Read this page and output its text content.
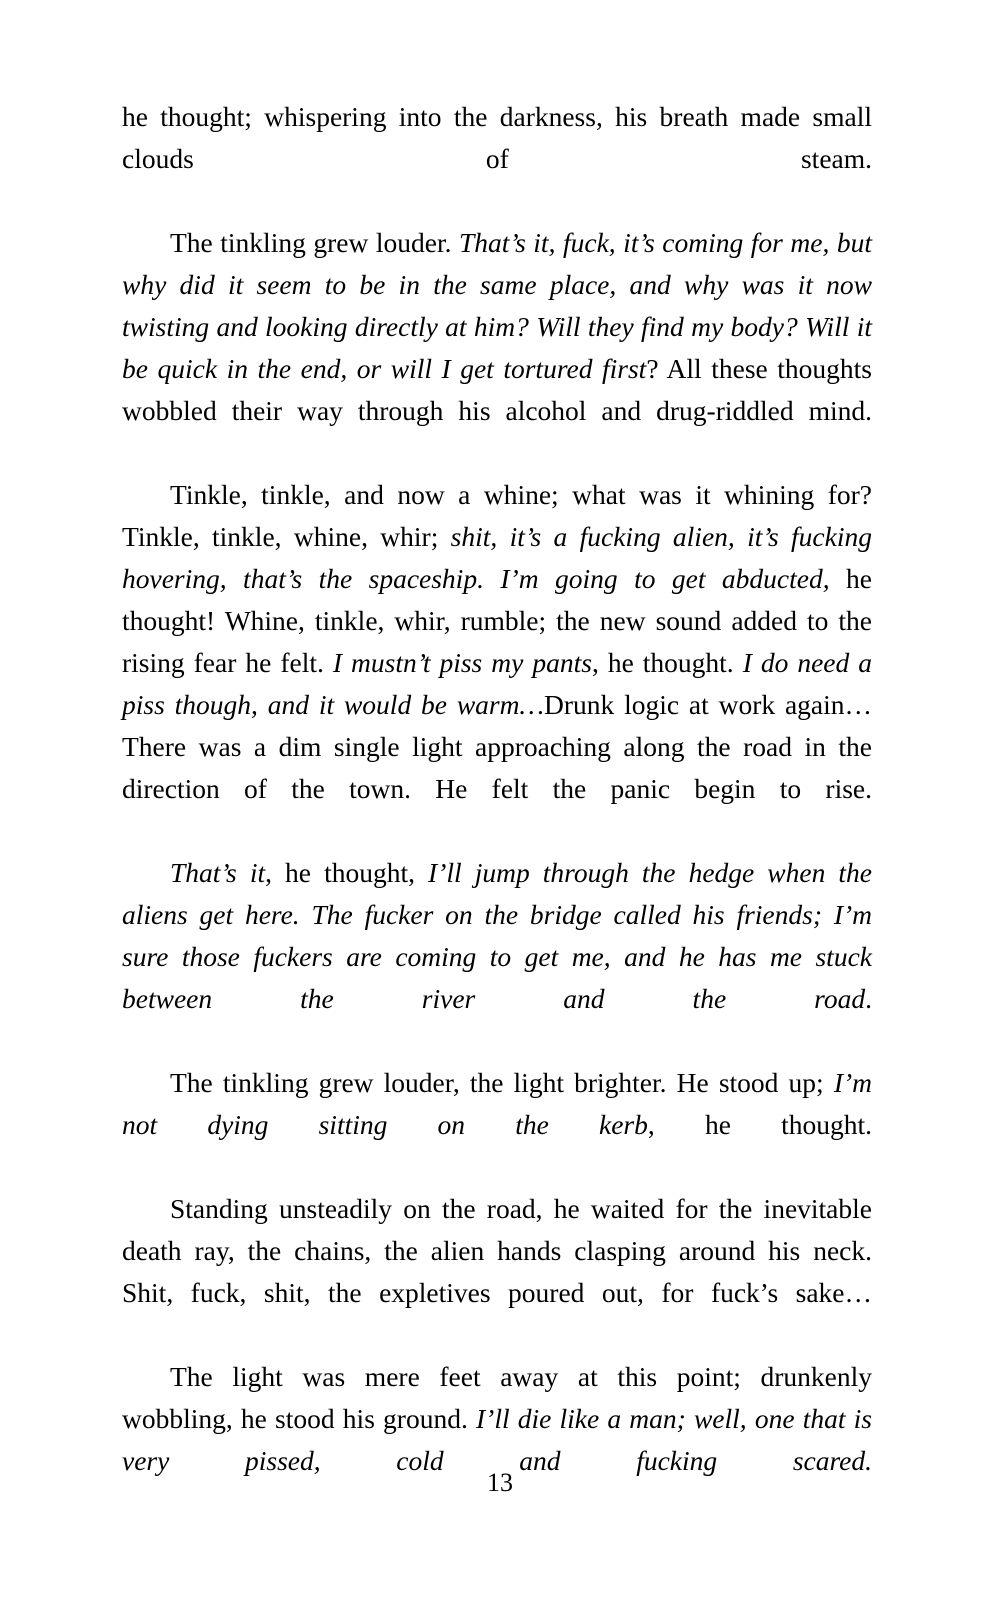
he thought; whispering into the darkness, his breath made small clouds of steam.

The tinkling grew louder. That’s it, fuck, it’s coming for me, but why did it seem to be in the same place, and why was it now twisting and looking directly at him? Will they find my body? Will it be quick in the end, or will I get tortured first? All these thoughts wobbled their way through his alcohol and drug-riddled mind.

Tinkle, tinkle, and now a whine; what was it whining for? Tinkle, tinkle, whine, whir; shit, it’s a fucking alien, it’s fucking hovering, that’s the spaceship. I’m going to get abducted, he thought! Whine, tinkle, whir, rumble; the new sound added to the rising fear he felt. I mustn’t piss my pants, he thought. I do need a piss though, and it would be warm…Drunk logic at work again…There was a dim single light approaching along the road in the direction of the town. He felt the panic begin to rise.

That’s it, he thought, I’ll jump through the hedge when the aliens get here. The fucker on the bridge called his friends; I’m sure those fuckers are coming to get me, and he has me stuck between the river and the road.

The tinkling grew louder, the light brighter. He stood up; I’m not dying sitting on the kerb, he thought.

Standing unsteadily on the road, he waited for the inevitable death ray, the chains, the alien hands clasping around his neck. Shit, fuck, shit, the expletives poured out, for fuck’s sake…

The light was mere feet away at this point; drunkenly wobbling, he stood his ground. I’ll die like a man; well, one that is very pissed, cold and fucking scared.

13
